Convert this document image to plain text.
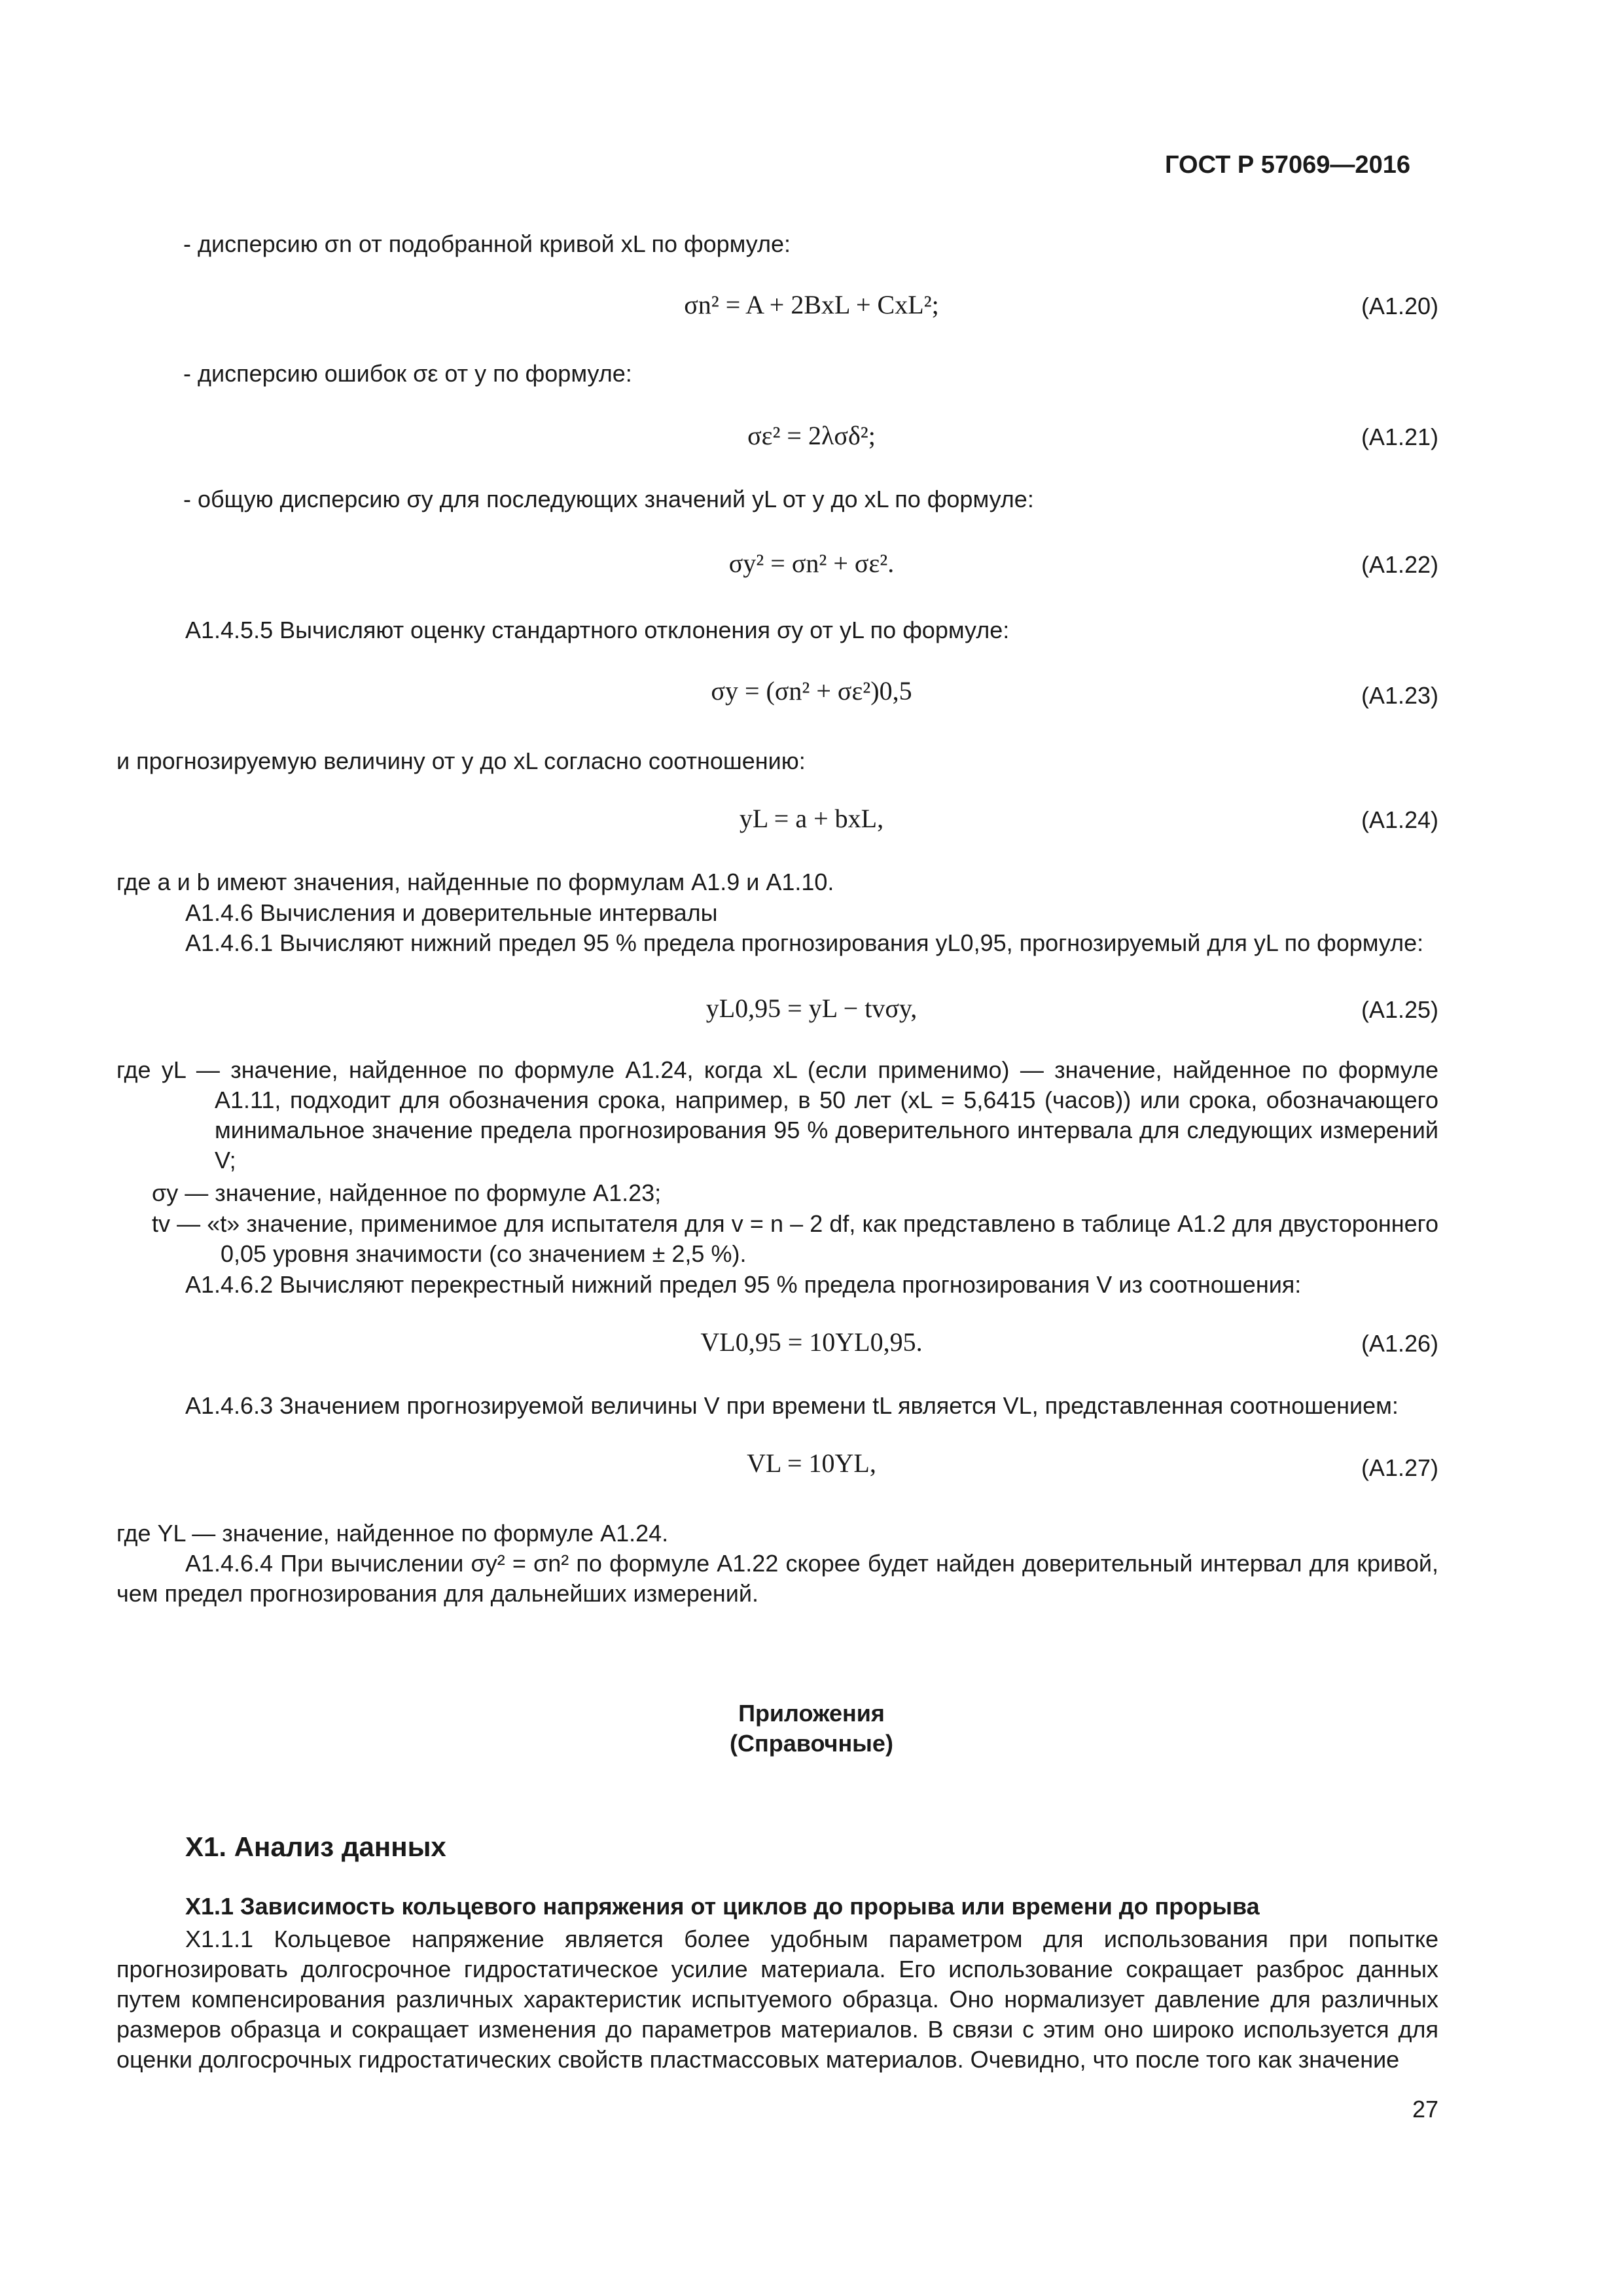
ГОСТ Р 57069—2016
- дисперсию σn от подобранной кривой xL по формуле:
σn² = A + 2BxL + CxL²;	(А1.20)
- дисперсию ошибок σε от y по формуле:
σε² = 2λσδ²;	(А1.21)
- общую дисперсию σy для последующих значений yL от y до xL по формуле:
σy² = σn² + σε².	(А1.22)
А1.4.5.5 Вычисляют оценку стандартного отклонения σy от yL по формуле:
σy = (σn² + σε²)0,5	(А1.23)
и прогнозируемую величину от y до xL согласно соотношению:
yL = a + bxL,	(А1.24)
где a и b имеют значения, найденные по формулам А1.9 и А1.10.
А1.4.6 Вычисления и доверительные интервалы
А1.4.6.1 Вычисляют нижний предел 95 % предела прогнозирования yL0,95, прогнозируемый для yL по формуле:
yL0,95 = yL − tvσy,	(А1.25)
где yL — значение, найденное по формуле А1.24, когда xL (если применимо) — значение, найденное по формуле А1.11, подходит для обозначения срока, например, в 50 лет (xL = 5,6415 (часов)) или срока, обозначающего минимальное значение предела прогнозирования 95 % доверительного интервала для следующих измерений V;
σy — значение, найденное по формуле А1.23;
tv — «t» значение, применимое для испытателя для v = n – 2 df, как представлено в таблице А1.2 для двустороннего 0,05 уровня значимости (со значением ± 2,5 %).
А1.4.6.2 Вычисляют перекрестный нижний предел 95 % предела прогнозирования V из соотношения:
VL0,95 = 10YL0,95.	(А1.26)
А1.4.6.3 Значением прогнозируемой величины V при времени tL является VL, представленная соотношением:
VL = 10YL,	(А1.27)
где YL — значение, найденное по формуле А1.24.
А1.4.6.4 При вычислении σy² = σn² по формуле А1.22 скорее будет найден доверительный интервал для кривой, чем предел прогнозирования для дальнейших измерений.
Приложения
(Справочные)
X1. Анализ данных
X1.1 Зависимость кольцевого напряжения от циклов до прорыва или времени до прорыва
X1.1.1 Кольцевое напряжение является более удобным параметром для использования при попытке прогнозировать долгосрочное гидростатическое усилие материала. Его использование сокращает разброс данных путем компенсирования различных характеристик испытуемого образца. Оно нормализует давление для различных размеров образца и сокращает изменения до параметров материалов. В связи с этим оно широко используется для оценки долгосрочных гидростатических свойств пластмассовых материалов. Очевидно, что после того как значение
27
